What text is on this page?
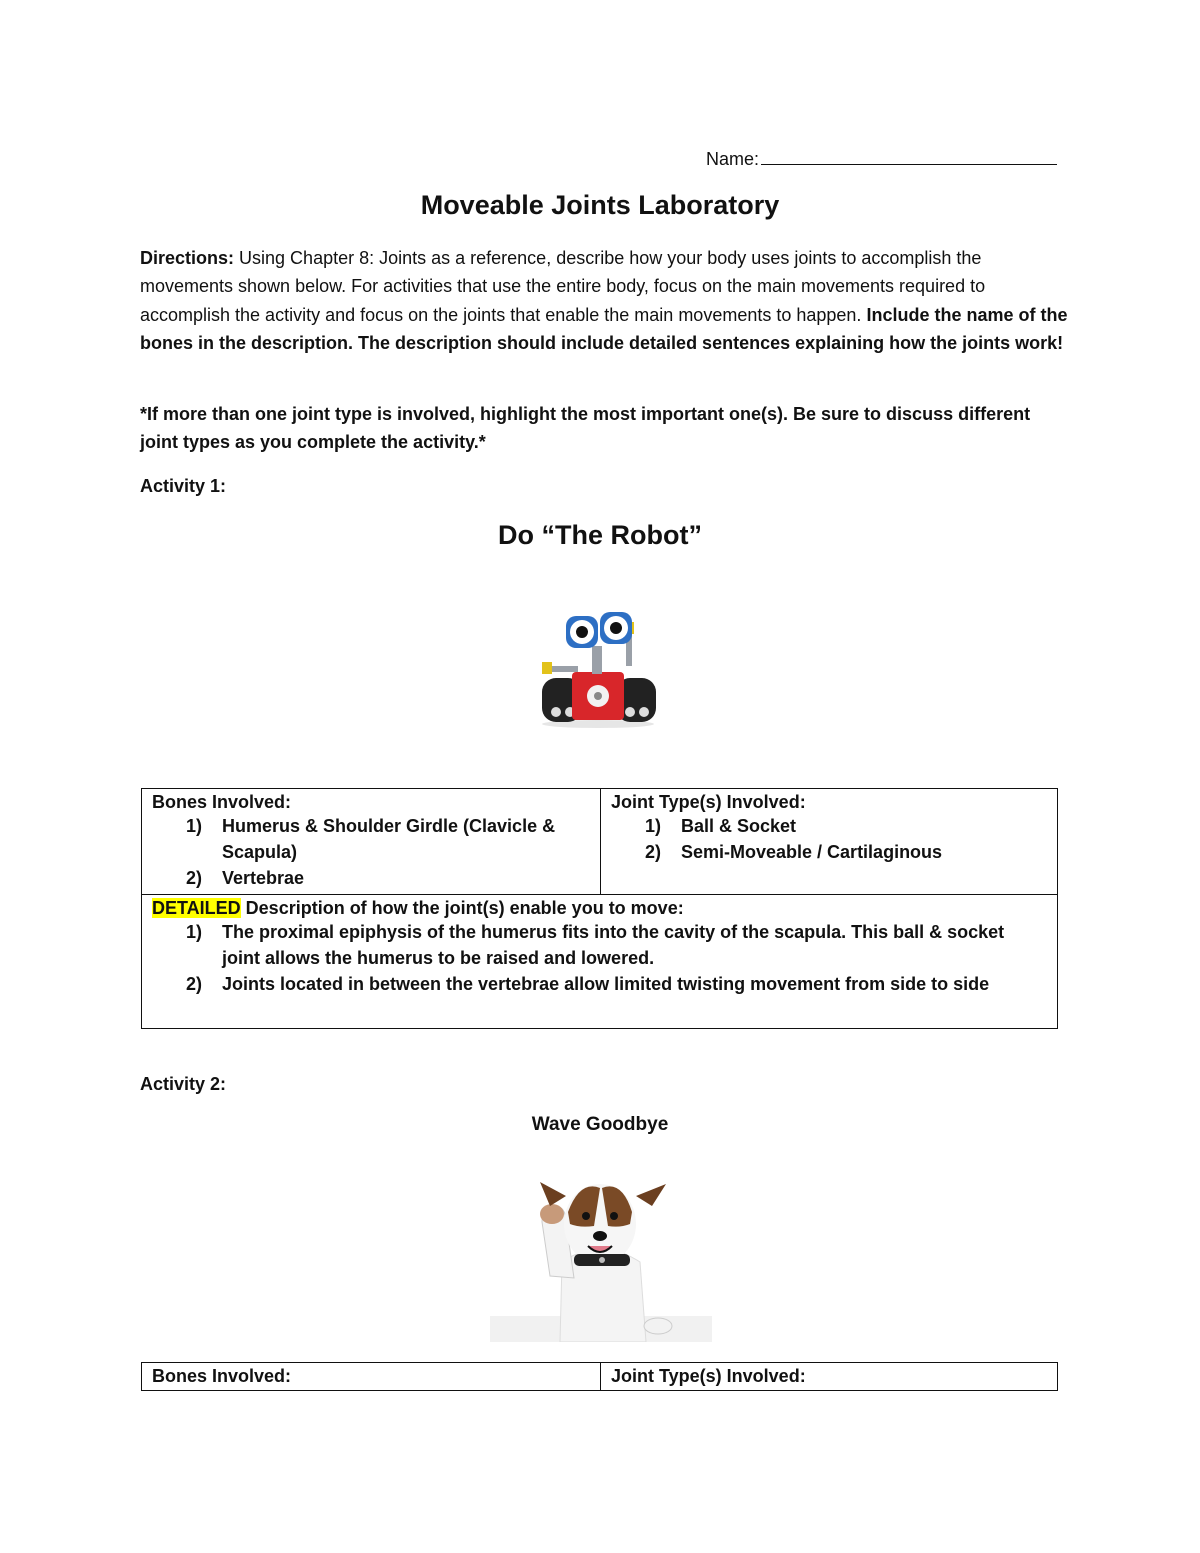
Name:
Moveable Joints Laboratory
Directions: Using Chapter 8: Joints as a reference, describe how your body uses joints to accomplish the movements shown below. For activities that use the entire body, focus on the main movements required to accomplish the activity and focus on the joints that enable the main movements to happen. Include the name of the bones in the description. The description should include detailed sentences explaining how the joints work!
*If more than one joint type is involved, highlight the most important one(s). Be sure to discuss different joint types as you complete the activity.*
Activity 1:
Do “The Robot”
Bones Involved:
1) Humerus & Shoulder Girdle (Clavicle & Scapula)
2) Vertebrae
Joint Type(s) Involved:
1) Ball & Socket
2) Semi-Moveable / Cartilaginous
DETAILED Description of how the joint(s) enable you to move:
1) The proximal epiphysis of the humerus fits into the cavity of the scapula. This ball & socket joint allows the humerus to be raised and lowered.
2) Joints located in between the vertebrae allow limited twisting movement from side to side
Activity 2:
Wave Goodbye
Bones Involved:	Joint Type(s) Involved:
